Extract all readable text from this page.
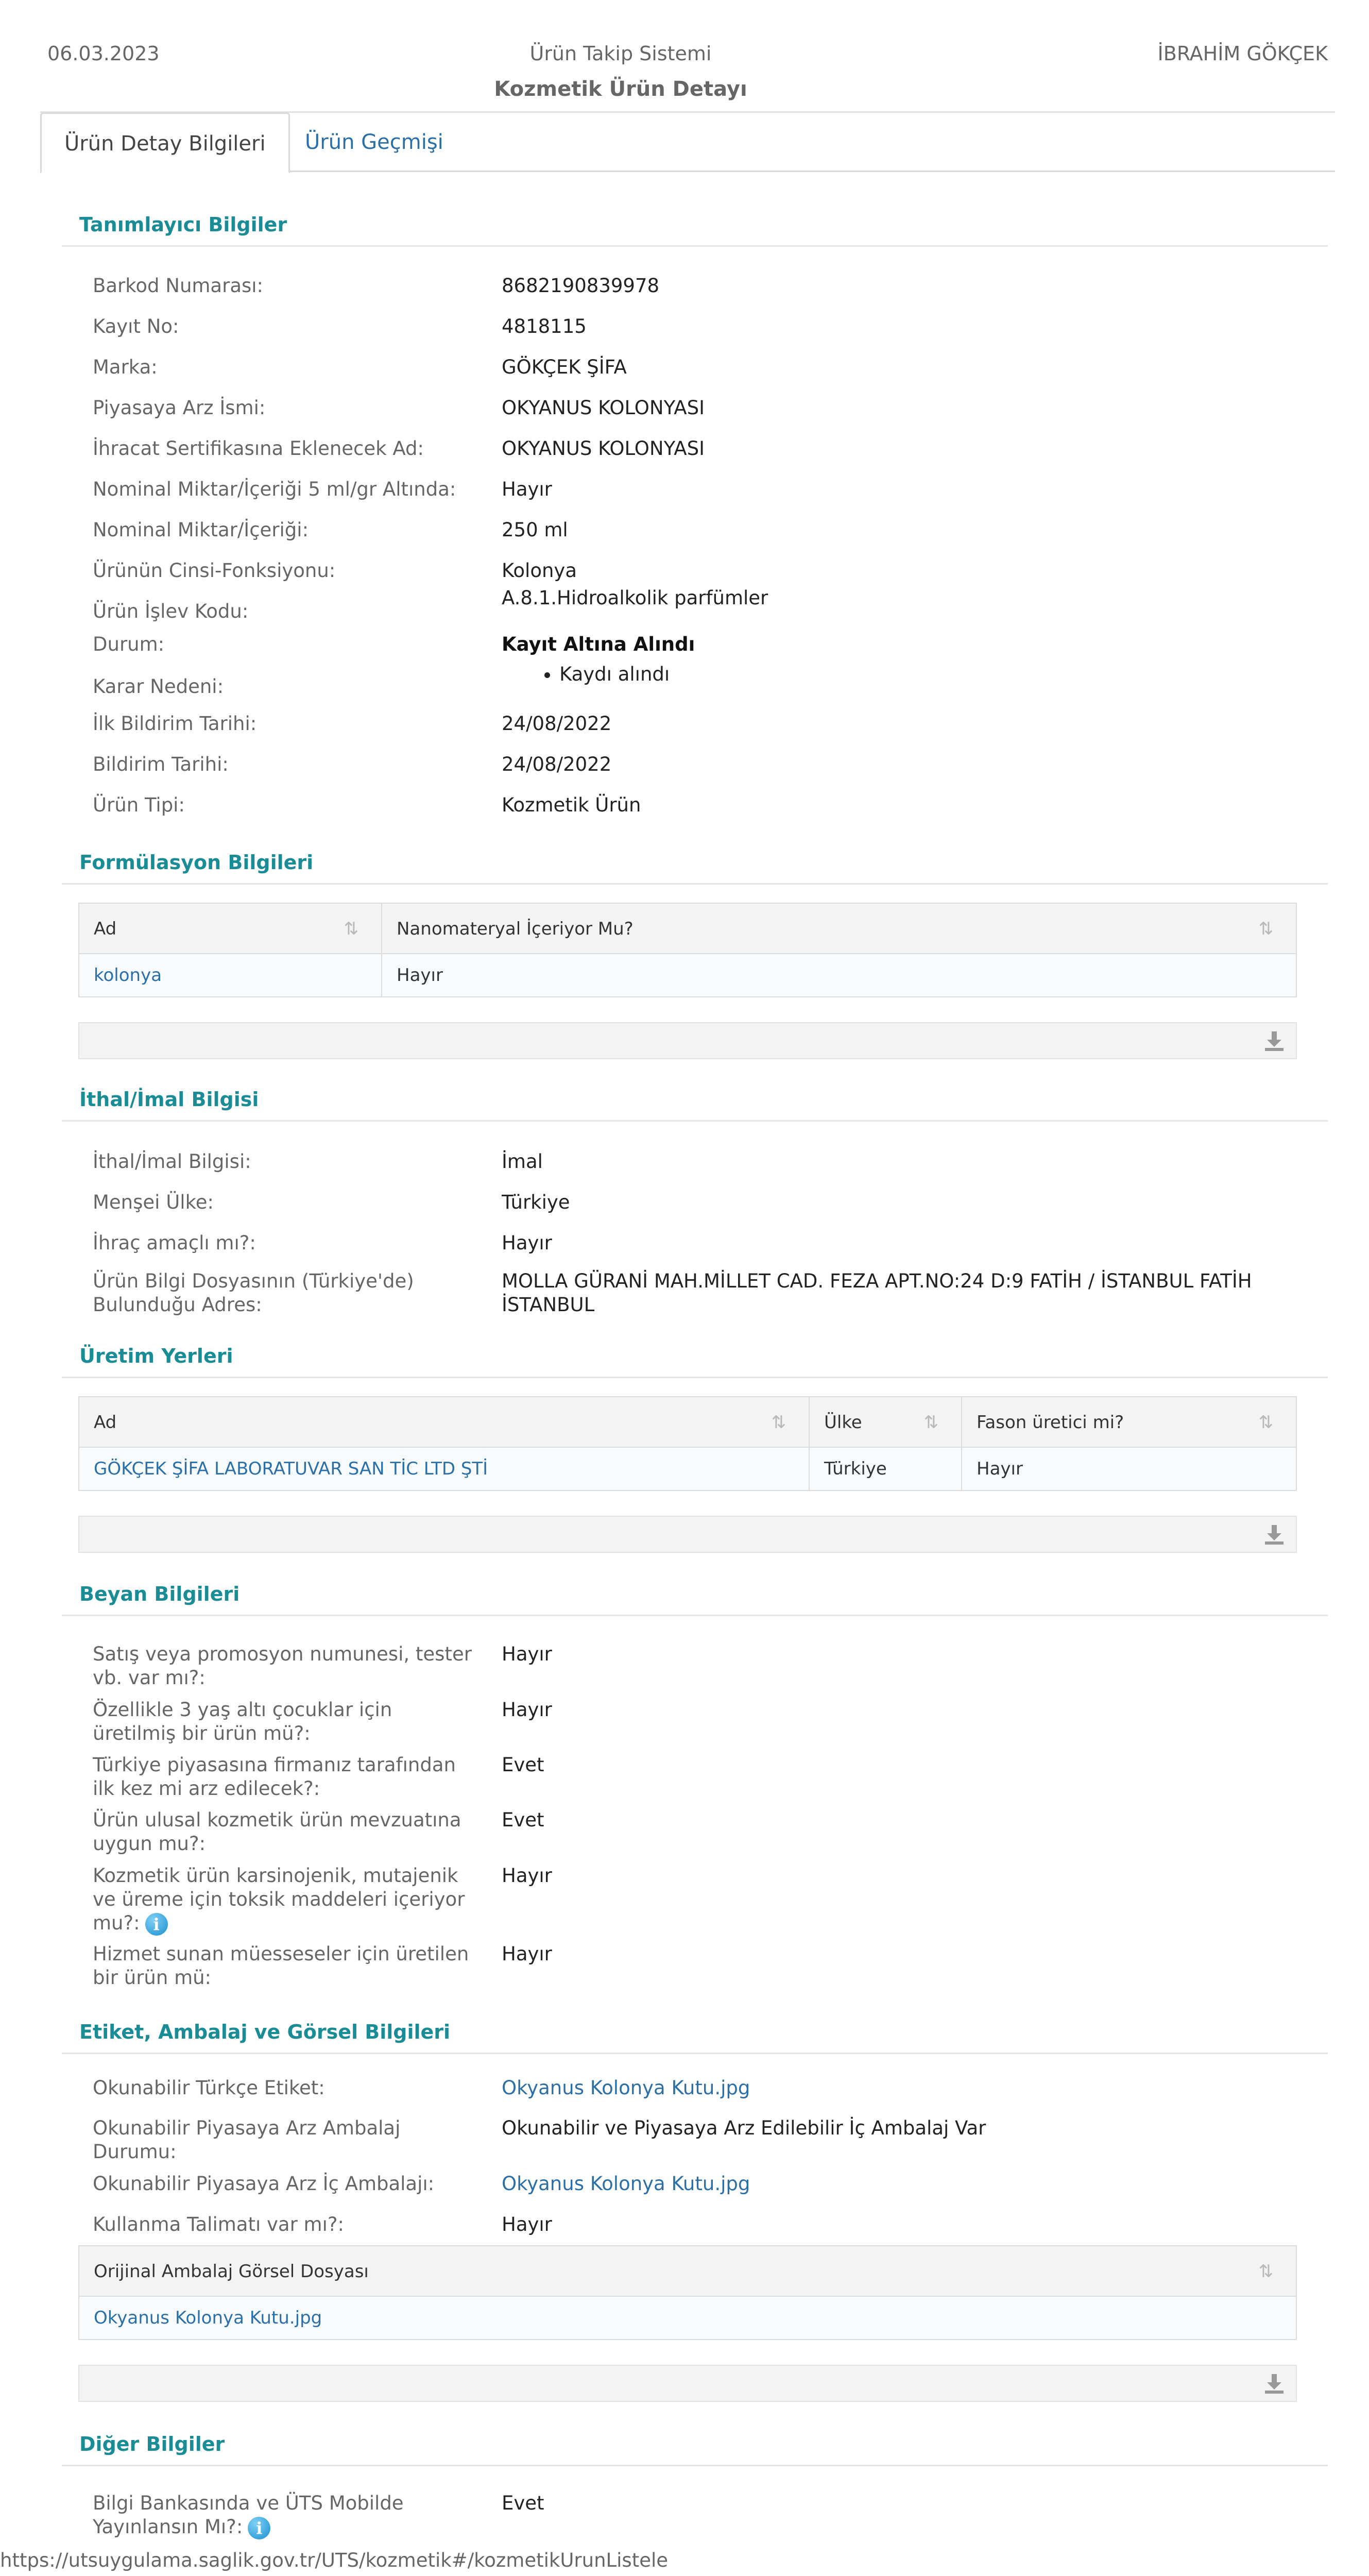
06.03.2023	Ürün Takip Sistemi	İBRAHİM GÖKÇEK
Kozmetik Ürün Detayı
Ürün Detay Bilgileri	Ürün Geçmişi
Tanımlayıcı Bilgiler
Barkod Numarası:	8682190839978
Kayıt No:	4818115
Marka:	GÖKÇEK ŞİFA
Piyasaya Arz İsmi:	OKYANUS KOLONYASI
İhracat Sertifikasına Eklenecek Ad:	OKYANUS KOLONYASI
Nominal Miktar/İçeriği 5 ml/gr Altında:	Hayır
Nominal Miktar/İçeriği:	250 ml
Ürünün Cinsi-Fonksiyonu:	Kolonya
Ürün İşlev Kodu:
A.8.1.Hidroalkolik parfümler
Durum:	Kayıt Altına Alındı
Karar Nedeni:
• Kaydı alındı
İlk Bildirim Tarihi:	24/08/2022
Bildirim Tarihi:	24/08/2022
Ürün Tipi:	Kozmetik Ürün
Formülasyon Bilgileri
Ad	⇅	Nanomateryal İçeriyor Mu?	⇅
kolonya	Hayır
İthal/İmal Bilgisi
İthal/İmal Bilgisi:	İmal
Menşei Ülke:	Türkiye
İhraç amaçlı mı?:	Hayır
Ürün Bilgi Dosyasının (Türkiye'de) Bulunduğu Adres:
MOLLA GÜRANİ MAH.MİLLET CAD. FEZA APT.NO:24 D:9 FATİH / İSTANBUL FATİH İSTANBUL
Üretim Yerleri
Ad	⇅	Ülke	⇅	Fason üretici mi?	⇅
GÖKÇEK ŞİFA LABORATUVAR SAN TİC LTD ŞTİ	Türkiye	Hayır
Beyan Bilgileri
Satış veya promosyon numunesi, tester vb. var mı?:
Hayır
Özellikle 3 yaş altı çocuklar için üretilmiş bir ürün mü?:
Hayır
Türkiye piyasasına firmanız tarafından ilk kez mi arz edilecek?:
Evet
Ürün ulusal kozmetik ürün mevzuatına uygun mu?:
Evet
Kozmetik ürün karsinojenik, mutajenik ve üreme için toksik maddeleri içeriyor mu?: i
Hayır
Hizmet sunan müesseseler için üretilen bir ürün mü:
Hayır
Etiket, Ambalaj ve Görsel Bilgileri
Okunabilir Türkçe Etiket:	Okyanus Kolonya Kutu.jpg
Okunabilir Piyasaya Arz Ambalaj Durumu:
Okunabilir ve Piyasaya Arz Edilebilir İç Ambalaj Var
Okunabilir Piyasaya Arz İç Ambalajı:	Okyanus Kolonya Kutu.jpg
Kullanma Talimatı var mı?:	Hayır
Orijinal Ambalaj Görsel Dosyası	⇅
Okyanus Kolonya Kutu.jpg
Diğer Bilgiler
Bilgi Bankasında ve ÜTS Mobilde Yayınlansın Mı?: i
Evet
https://utsuygulama.saglik.gov.tr/UTS/kozmetik#/kozmetikUrunListele
